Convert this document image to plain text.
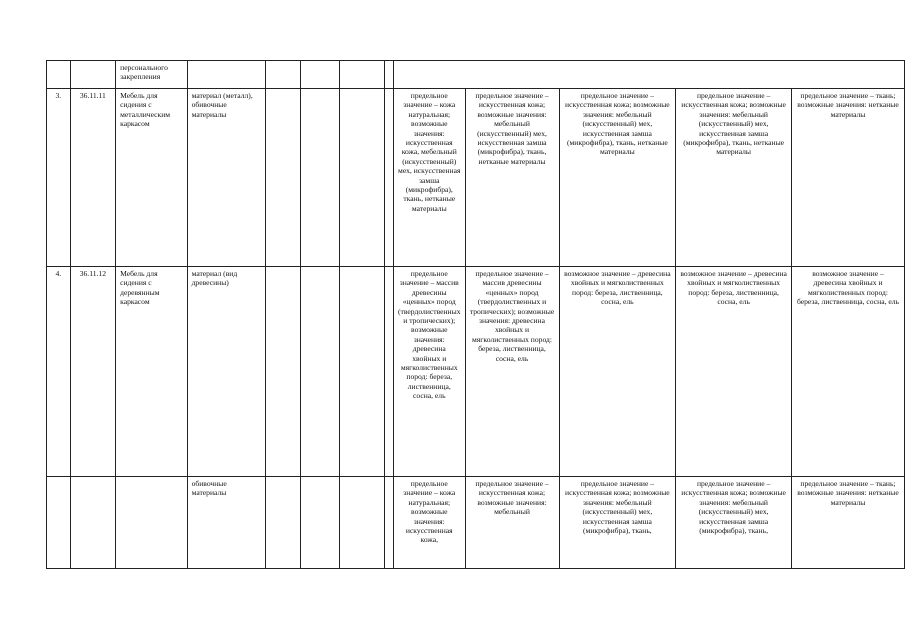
		персонального закрепления										
3.	36.11.11	Мебель для сидения с металлическим каркасом	материал (металл), обивочные материалы					предельное значение – кожа натуральная; возможные значения: искусственная кожа, мебельный (искусственный) мех, искусственная замша (микрофибра), ткань, нетканые материалы	предельное значение – искусственная кожа; возможные значения: мебельный (искусственный) мех, искусственная замша (микрофибра), ткань, нетканые материалы	предельное значение – искусственная кожа; возможные значения: мебельный (искусственный) мех, искусственная замша (микрофибра), ткань, нетканые материалы	предельное значение – искусственная кожа; возможные значения: мебельный (искусственный) мех, искусственная замша (микрофибра), ткань, нетканые материалы	предельное значение – ткань; возможные значения: нетканые материалы
4.	36.11.12	Мебель для сидения с деревянным каркасом	материал (вид древесины)					предельное значение – массив древесины «ценных» пород (твердолиственных и тропических); возможные значения: древесина хвойных и мягколиственных пород: береза, лиственница, сосна, ель	предельное значение – массив древесины «ценных» пород (твердолиственных и тропических); возможные значения: древесина хвойных и мягколиственных пород: береза, лиственница, сосна, ель	возможное значение – древесина хвойных и мягколиственных пород: береза, лиственница, сосна, ель	возможное значение – древесина хвойных и мягколиственных пород: береза, лиственница, сосна, ель	возможное значение – древесина хвойных и мягколиственных пород: береза, лиственница, сосна, ель
			обивочные материалы					предельное значение – кожа натуральная; возможные значения: искусственная кожа,	предельное значение – искусственная кожа; возможные значения: мебельный	предельное значение – искусственная кожа; возможные значения: мебельный (искусственный) мех, искусственная замша (микрофибра), ткань,	предельное значение – искусственная кожа; возможные значения: мебельный (искусственный) мех, искусственная замша (микрофибра), ткань,	предельное значение – ткань; возможные значения: нетканые материалы
